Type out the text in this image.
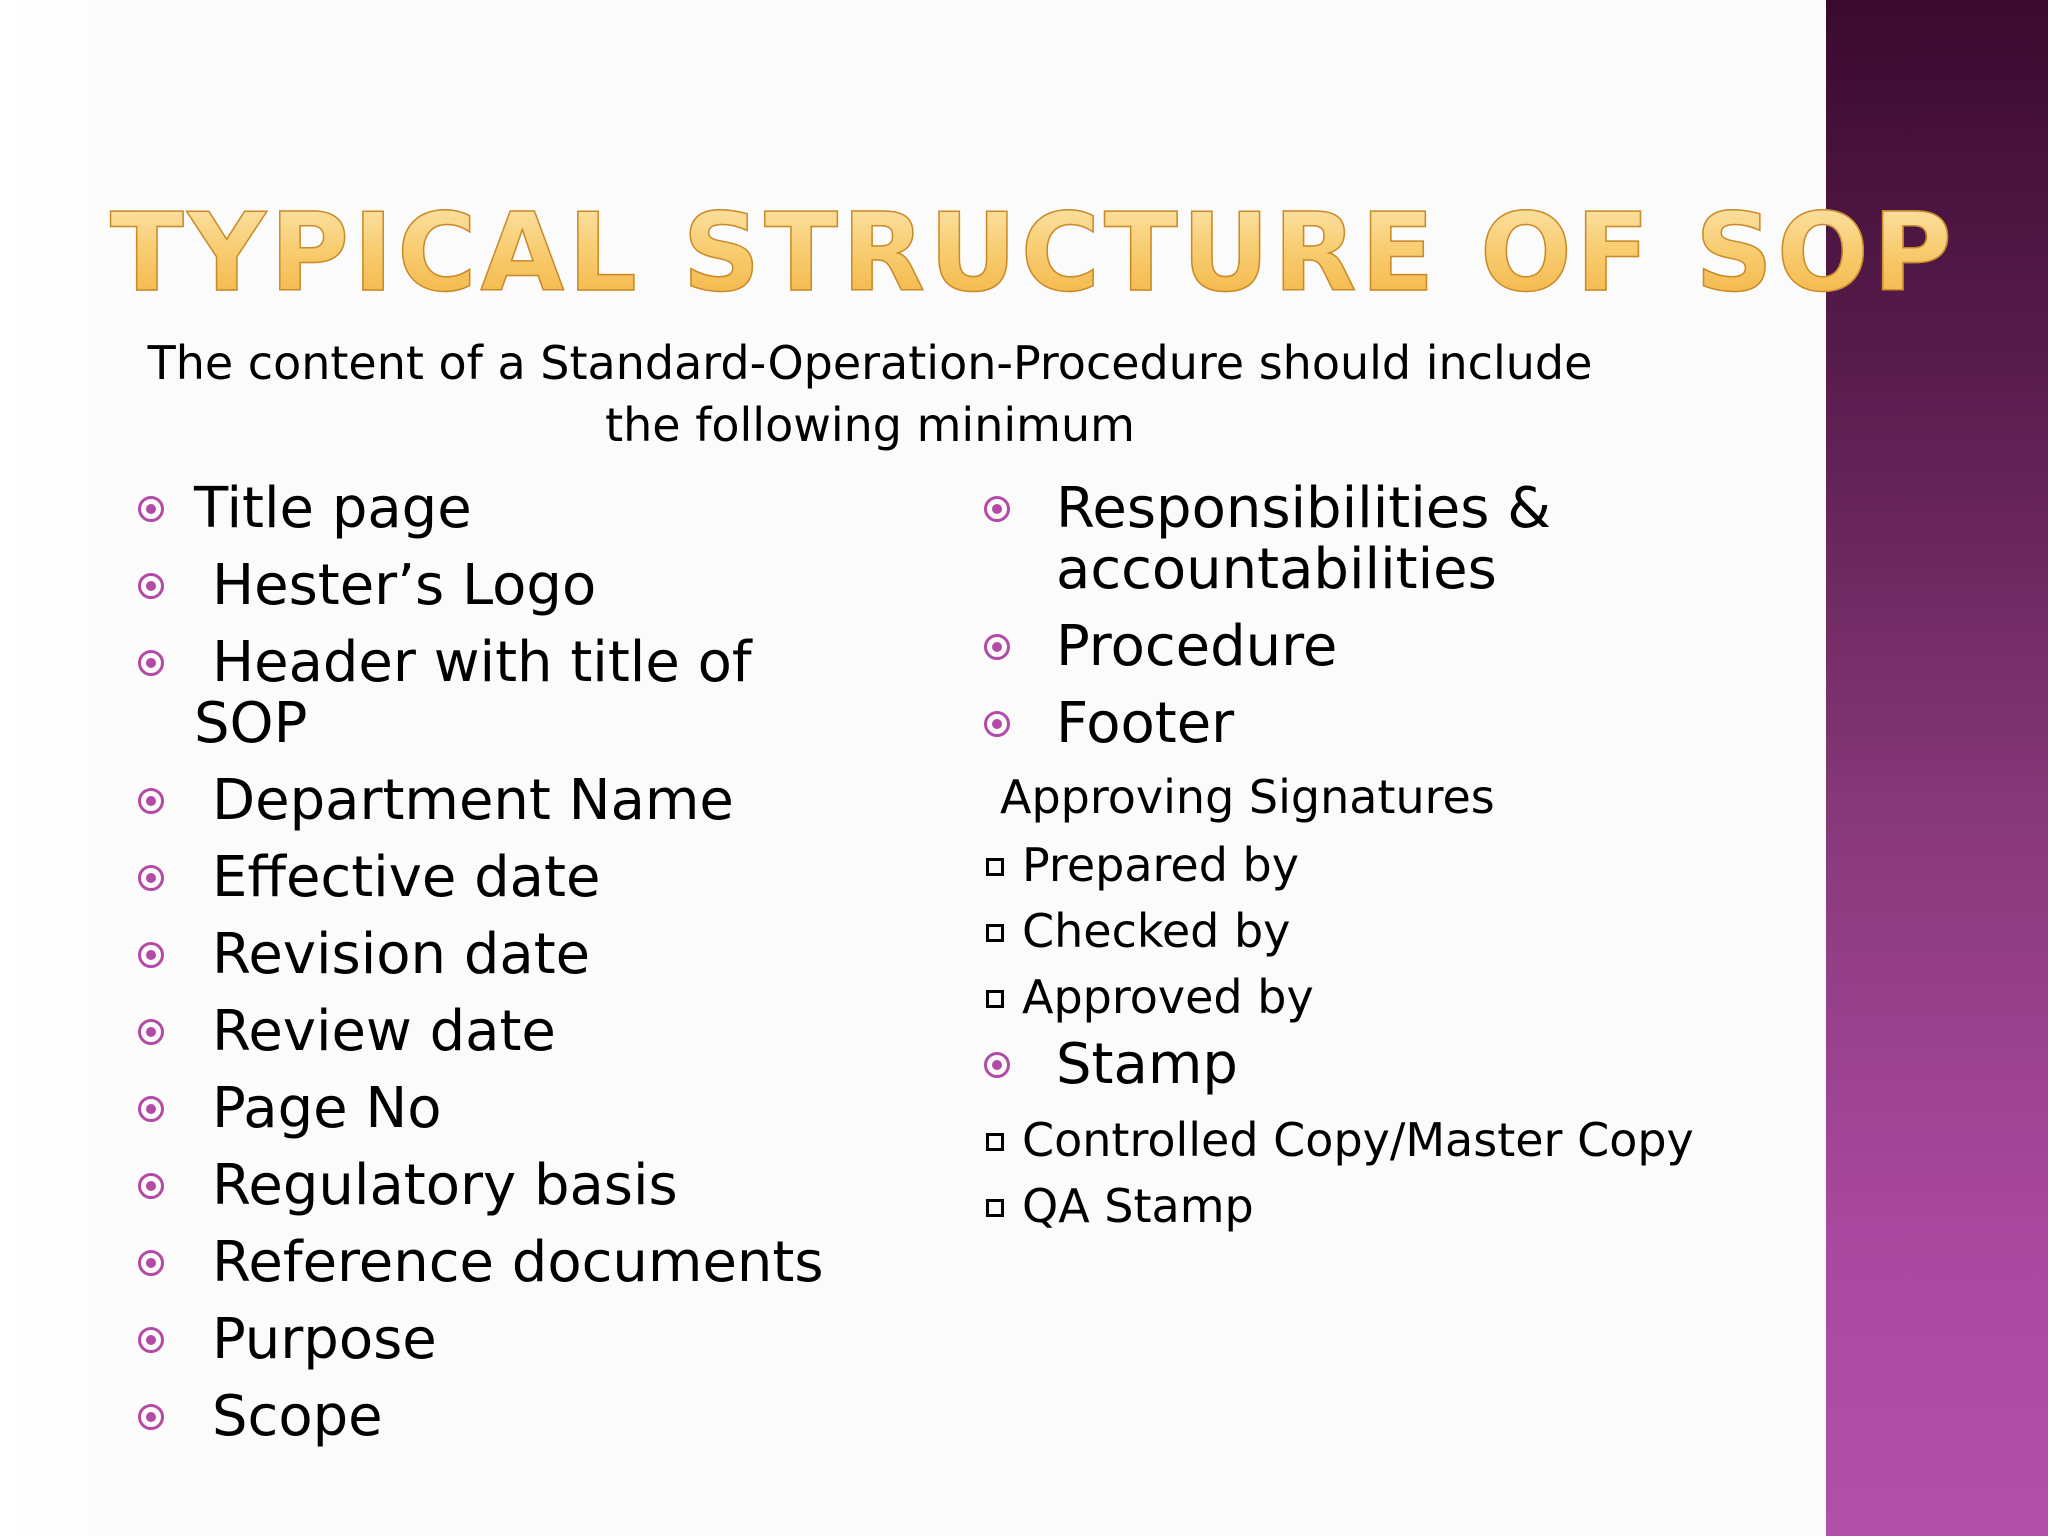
TYPICAL STRUCTURE OF SOP

The content of a Standard-Operation-Procedure should include the following minimum

Title page
Hester’s Logo
Header with title of SOP
Department Name
Effective date
Revision date
Review date
Page No
Regulatory basis
Reference documents
Purpose
Scope
Responsibilities & accountabilities
Procedure
Footer
Approving Signatures
Prepared by
Checked by
Approved by
Stamp
Controlled Copy/Master Copy
QA Stamp
